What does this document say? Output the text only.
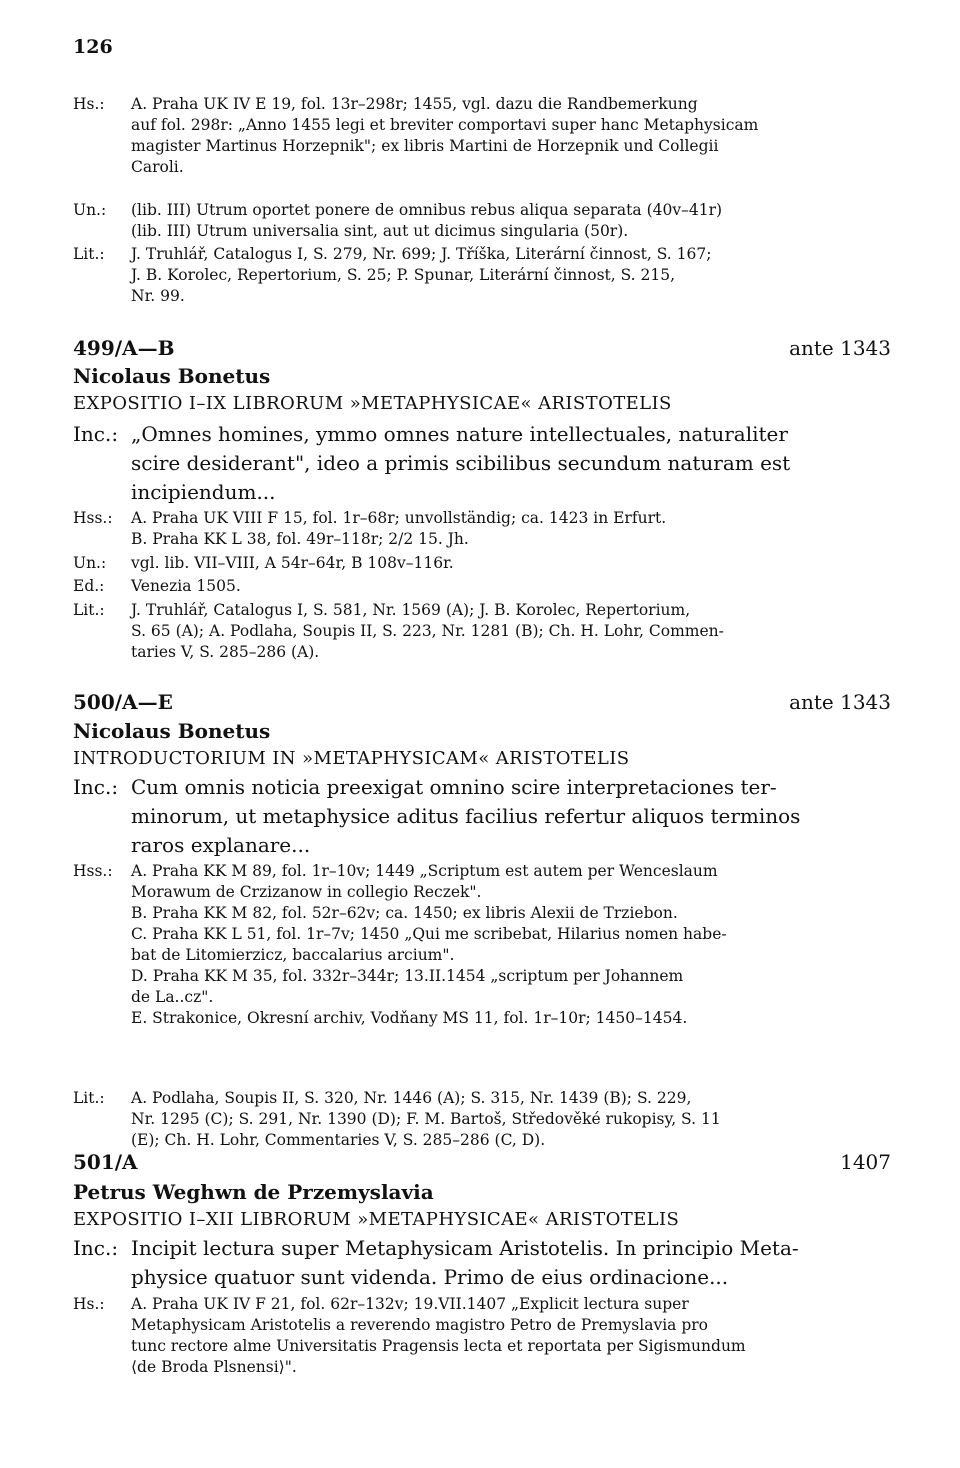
126
Hs.: A. Praha UK IV E 19, fol. 13r–298r; 1455, vgl. dazu die Randbemerkung
auf fol. 298r: „Anno 1455 legi et breviter comportavi super hanc Metaphysicam
magister Martinus Horzepnik"; ex libris Martini de Horzepnik und Collegii
Caroli.
Un.: (lib. III) Utrum oportet ponere de omnibus rebus aliqua separata (40v–41r)
(lib. III) Utrum universalia sint, aut ut dicimus singularia (50r).
Lit.: J. Truhlář, Catalogus I, S. 279, Nr. 699; J. Tříška, Literární činnost, S. 167;
J. B. Korolec, Repertorium, S. 25; P. Spunar, Literární činnost, S. 215,
Nr. 99.
499/A—B	ante 1343
Nicolaus Bonetus
EXPOSITIO I–IX LIBRORUM »METAPHYSICAE« ARISTOTELIS
Inc.: „Omnes homines, ymmo omnes nature intellectuales, naturaliter
scire desiderant", ideo a primis scibilibus secundum naturam est
incipiendum...
Hss.: A. Praha UK VIII F 15, fol. 1r–68r; unvollständig; ca. 1423 in Erfurt.
B. Praha KK L 38, fol. 49r–118r; 2/2 15. Jh.
Un.: vgl. lib. VII–VIII, A 54r–64r, B 108v–116r.
Ed.: Venezia 1505.
Lit.: J. Truhlář, Catalogus I, S. 581, Nr. 1569 (A); J. B. Korolec, Repertorium,
S. 65 (A); A. Podlaha, Soupis II, S. 223, Nr. 1281 (B); Ch. H. Lohr, Commen-
taries V, S. 285–286 (A).
500/A—E	ante 1343
Nicolaus Bonetus
INTRODUCTORIUM IN »METAPHYSICAM« ARISTOTELIS
Inc.: Cum omnis noticia preexigat omnino scire interpretaciones ter-
minorum, ut metaphysice aditus facilius refertur aliquos terminos
raros explanare...
Hss.: A. Praha KK M 89, fol. 1r–10v; 1449 „Scriptum est autem per Wenceslaum
Morawum de Crzizanow in collegio Reczek".
B. Praha KK M 82, fol. 52r–62v; ca. 1450; ex libris Alexii de Trziebon.
C. Praha KK L 51, fol. 1r–7v; 1450 „Qui me scribebat, Hilarius nomen habe-
bat de Litomierzicz, baccalarius arcium".
D. Praha KK M 35, fol. 332r–344r; 13.II.1454 „scriptum per Johannem
de La..cz".
E. Strakonice, Okresní archiv, Vodňany MS 11, fol. 1r–10r; 1450–1454.
Lit.: A. Podlaha, Soupis II, S. 320, Nr. 1446 (A); S. 315, Nr. 1439 (B); S. 229,
Nr. 1295 (C); S. 291, Nr. 1390 (D); F. M. Bartoš, Středověké rukopisy, S. 11
(E); Ch. H. Lohr, Commentaries V, S. 285–286 (C, D).
501/A	1407
Petrus Weghwn de Przemyslavia
EXPOSITIO I–XII LIBRORUM »METAPHYSICAE« ARISTOTELIS
Inc.: Incipit lectura super Metaphysicam Aristotelis. In principio Meta-
physice quatuor sunt videnda. Primo de eius ordinacione...
Hs.: A. Praha UK IV F 21, fol. 62r–132v; 19.VII.1407 „Explicit lectura super
Metaphysicam Aristotelis a reverendo magistro Petro de Premyslavia pro
tunc rectore alme Universitatis Pragensis lecta et reportata per Sigismundum
⟨de Broda Plsnensi⟩".
